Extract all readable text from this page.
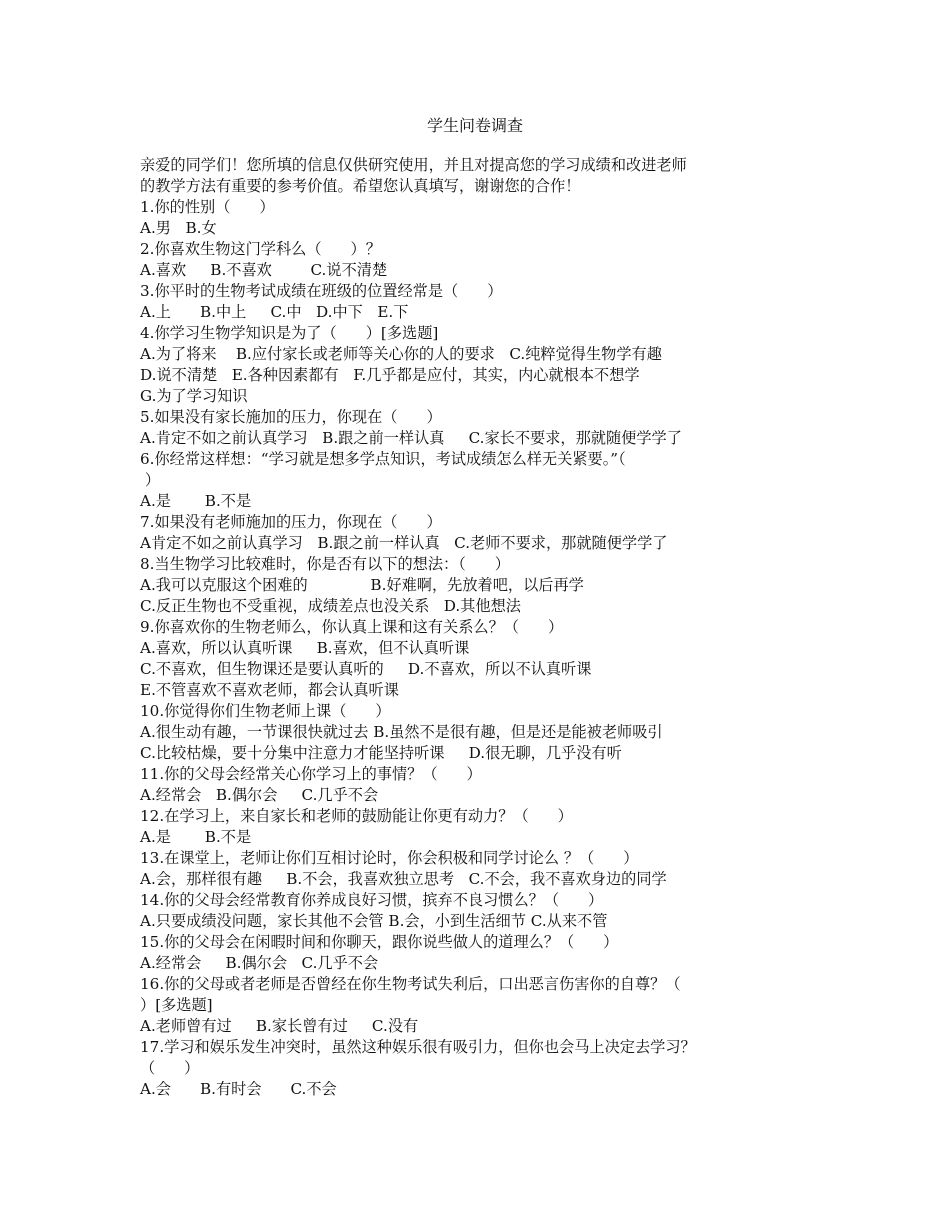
学生问卷调查
亲爱的同学们！您所填的信息仅供研究使用，并且对提高您的学习成绩和改进老师
的教学方法有重要的参考价值。希望您认真填写，谢谢您的合作！
1.你的性别（      ）
A.男   B.女
2.你喜欢生物这门学科么（      ）？
A.喜欢     B.不喜欢        C.说不清楚
3.你平时的生物考试成绩在班级的位置经常是（      ）
A.上      B.中上     C.中   D.中下   E.下
4.你学习生物学知识是为了（      ）[多选题]
A.为了将来    B.应付家长或老师等关心你的人的要求   C.纯粹觉得生物学有趣
D.说不清楚   E.各种因素都有   F.几乎都是应付，其实，内心就根本不想学
G.为了学习知识
5.如果没有家长施加的压力，你现在（      ）
A.肯定不如之前认真学习   B.跟之前一样认真     C.家长不要求，那就随便学学了
6.你经常这样想：“学习就是想多学点知识，考试成绩怎么样无关紧要。”（
）
A.是       B.不是
7.如果没有老师施加的压力，你现在（      ）
A肯定不如之前认真学习   B.跟之前一样认真   C.老师不要求，那就随便学学了
8.当生物学习比较难时，你是否有以下的想法：（      ）
A.我可以克服这个困难的             B.好难啊，先放着吧，以后再学
C.反正生物也不受重视，成绩差点也没关系   D.其他想法
9.你喜欢你的生物老师么，你认真上课和这有关系么？（      ）
A.喜欢，所以认真听课     B.喜欢，但不认真听课
C.不喜欢，但生物课还是要认真听的     D.不喜欢，所以不认真听课
E.不管喜欢不喜欢老师，都会认真听课
10.你觉得你们生物老师上课（      ）
A.很生动有趣，一节课很快就过去 B.虽然不是很有趣，但是还是能被老师吸引
C.比较枯燥，要十分集中注意力才能坚持听课     D.很无聊，几乎没有听
11.你的父母会经常关心你学习上的事情？（      ）
A.经常会   B.偶尔会     C.几乎不会
12.在学习上，来自家长和老师的鼓励能让你更有动力？（      ）
A.是       B.不是
13.在课堂上，老师让你们互相讨论时，你会积极和同学讨论么 ？（      ）
A.会，那样很有趣     B.不会，我喜欢独立思考   C.不会，我不喜欢身边的同学
14.你的父母会经常教育你养成良好习惯，摈弃不良习惯么？（      ）
A.只要成绩没问题，家长其他不会管 B.会，小到生活细节 C.从来不管
15.你的父母会在闲暇时间和你聊天，跟你说些做人的道理么？（      ）
A.经常会     B.偶尔会   C.几乎不会
16.你的父母或者老师是否曾经在你生物考试失利后，口出恶言伤害你的自尊？（
）[多选题]
A.老师曾有过     B.家长曾有过     C.没有
17.学习和娱乐发生冲突时，虽然这种娱乐很有吸引力，但你也会马上决定去学习？
（      ）
A.会      B.有时会      C.不会
